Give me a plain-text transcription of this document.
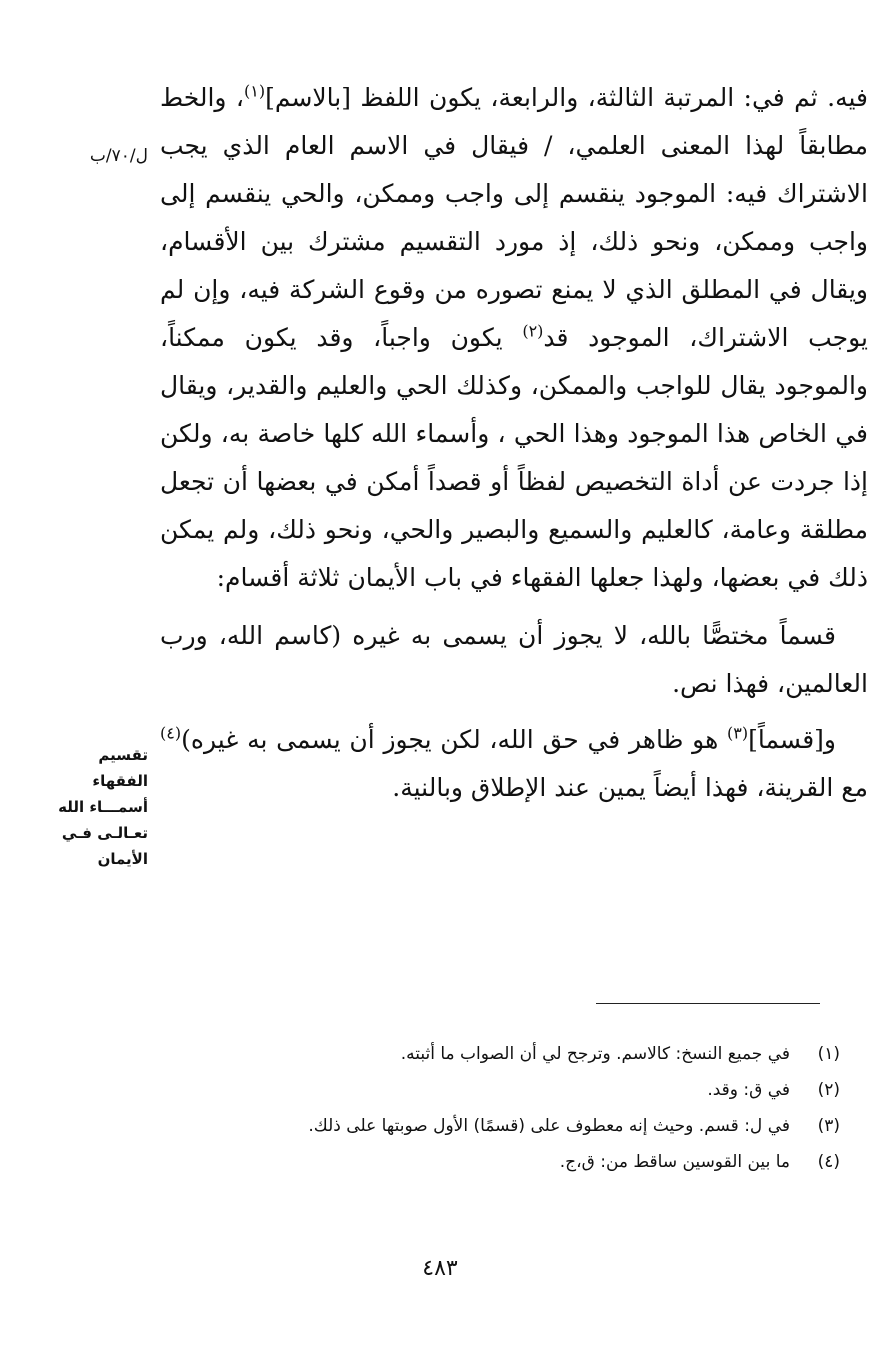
ل/٧٠/ب
تقسيم الفقهاء
أسمـــاء الله
تعـالـى فـي
الأيمان

فيه. ثم في: المرتبة الثالثة، والرابعة، يكون اللفظ [بالاسم]$^{(١)}$، والخط مطابقاً لهذا المعنى العلمي، / فيقال في الاسم العام الذي يجب الاشتراك فيه: الموجود ينقسم إلى واجب وممكن، والحي ينقسم إلى واجب وممكن، ونحو ذلك، إذ مورد التقسيم مشترك بين الأقسام، ويقال في المطلق الذي لا يمنع تصوره من وقوع الشركة فيه، وإن لم يوجب الاشتراك، الموجود قد$^{(٢)}$ يكون واجباً، وقد يكون ممكناً، والموجود يقال للواجب والممكن، وكذلك الحي والعليم والقدير، ويقال في الخاص هذا الموجود وهذا الحي ، وأسماء الله كلها خاصة به، ولكن إذا جردت عن أداة التخصيص لفظاً أو قصداً أمكن في بعضها أن تجعل مطلقة وعامة، كالعليم والسميع والبصير والحي، ونحو ذلك، ولم يمكن ذلك في بعضها، ولهذا جعلها الفقهاء في باب الأيمان ثلاثة أقسام:

قسماً مختصًّا بالله، لا يجوز أن يسمى به غيره (كاسم الله، ورب العالمين، فهذا نص.

و[قسماً]$^{(٣)}$ هو ظاهر في حق الله، لكن يجوز أن يسمى به غيره)$^{(٤)}$ مع القرينة، فهذا أيضاً يمين عند الإطلاق وبالنية.

(١)
في جميع النسخ: كالاسم. وترجح لي أن الصواب ما أثبته.
(٢)
في ق: وقد.
(٣)
في ل: قسم. وحيث إنه معطوف على (قسمًا) الأول صوبتها على ذلك.
(٤)
ما بين القوسين ساقط من: ق،ج.
٤٨٣
